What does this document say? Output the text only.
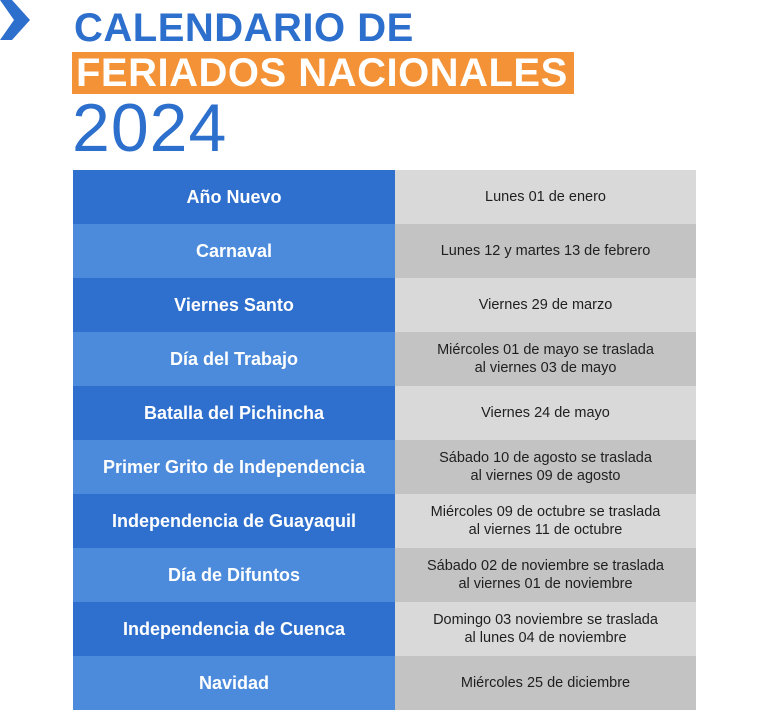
CALENDARIO DE
FERIADOS NACIONALES
2024
Año Nuevo	Lunes 01 de enero
Carnaval	Lunes 12 y martes 13 de febrero
Viernes Santo	Viernes 29 de marzo
Día del Trabajo	Miércoles 01 de mayo se traslada
al viernes 03 de mayo
Batalla del Pichincha	Viernes 24 de mayo
Primer Grito de Independencia	Sábado 10 de agosto se traslada
al viernes 09 de agosto
Independencia de Guayaquil	Miércoles 09 de octubre se traslada
al viernes 11 de octubre
Día de Difuntos	Sábado 02 de noviembre se traslada
al viernes 01 de noviembre
Independencia de Cuenca	Domingo 03 noviembre se traslada
al lunes 04 de noviembre
Navidad	Miércoles 25 de diciembre
